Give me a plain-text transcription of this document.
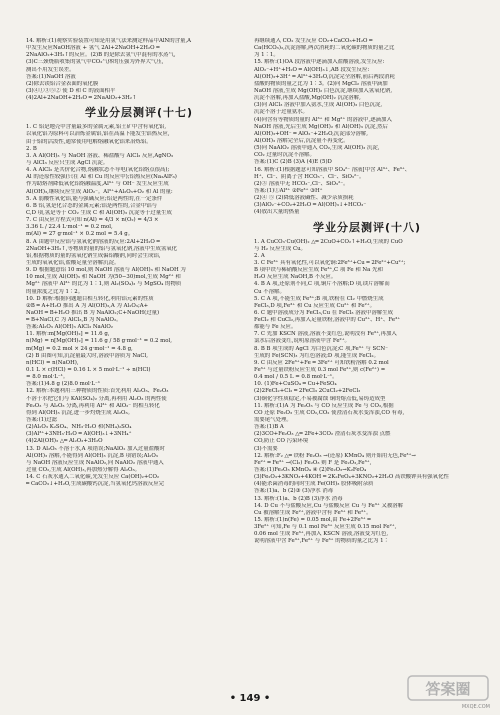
14. 解析:(1)观察实验装置可知是用氢气法来测定样品中AlN的含量,A
中发生反应NaOH溶液 + 氢气 2Al+2NaOH+2H₂O ═
2NaAlO₂+3H₂↑的反应。(2)B 的是除去氢气中混有的水蒸气,
(3)C三颈烧瓶收集的氢气中CO₂气体的压强为外界大气压,
测出不用发生误差。
答案:(1)NaOH 溶液
(2)除去镁铝合金表面的氧化膜
(3)④①③⑤② 使 D 和 C 的液面相平
(4)2Al+2NaOH+2H₂O ═ 2NaAlO₂+3H₂↑
学业分层测评(十七)
1. C 铝是地壳中含量最多的金属元素,铝土矿中含有氧化铝,
以氧化铝为原料可以冶炼金属铝,铝在高温下能发生铝热反应,
由于铝的活泼性,通常使用电解熔融氧化铝来冶炼铝。
2. B
3. A Al(OH)₃ 与 NaOH 溶液、稀盐酸与 AlCl₃ 反应,AgNO₃
与 AlCl₃ 反应只生成 AgCl 沉淀。
4. A AlCl₃ 是共价化合物,熔融状态不导电(氧化铝熔点很高);
Al 的还原性较强(只在 Al 和 Cu 的反应中);铝热反应(Na₃AlF₆)
作为助熔剂降低氧化铝熔融温度,Al³⁺ 与 OH⁻ 发生反应生成
Al(OH)₃,继续反应生成 AlO₂⁻。Al³⁺+Al₂O₃+O₂ 和 Al 的量:
5. A 弱酸性氧化铝,能与强碱反应;铝是两性的,在一定条件
6. B 铝,氢是化合态的金属元素;铝是两性的,合金中铝与
C,D 项,氢是等于 CO₂ 生成 C 和 Al(OH)₃ 沉淀等于过量生成
7. C 由反应方程式可知 n(Al) = 4/3 × n(O₂) = 4/3 ×
3.36 L / 22.4 L·mol⁻¹ = 0.2 mol,
m(Al) = 27 g·mol⁻¹ × 0.2 mol = 5.4 g。
8. A 由题中反应铝与氢氧化钠溶液的反应:2Al+2H₂O ═
2NaOH+3H₂↑,等物质的量的铝与氢氧化钠,溶液中生成氢氧化
铝,根据物质的量的氢氧化钠生成偏铝酸钠,同时会生成铝,
生成的氧氧化铝,盐酸足量全溶解沉淀。
9. D 根据题意铝 10 mol,则 NaOH 溶液与 Al(OH)₃ 和 NaOH 为
10 mol,生成 Al(OH)₃ 和 NaOH 为(50−30)mol,生成 Mg²⁺ 和
Mg²⁺ 溶液中 Al³⁺ 的比为 1∶1,则 Al₂(SO₄)₃ 与 MgSO₄ 的物质
的量浓度之比为 1∶2。
10. D 解析:根据问题题目相互转化,利用铝元素的性质
②B ═ A+H₂O 推出 A 为 Al(OH)₃,A 为 Al₂O₃;A+
NaOH ═ B+H₂O 推出 B 为 NaAlO₂;C+NaOH(过量)
═ B+NaCl,C 为 AlCl₃,B 为 NaAlO₂。
答案:Al₂O₃ Al(OH)₃ AlCl₃ NaAlO₂
11. 解析:m[Mg(OH)₂] = 11.6 g,
n(Mg) = n[Mg(OH)₂] = 11.6 g / 58 g·mol⁻¹ = 0.2 mol,
m(Mg) = 0.2 mol × 24 g·mol⁻¹ = 4.8 g,
(2) B 由图可知,沉淀量最大时,溶液中溶质为 NaCl,
n(HCl) = n(NaOH),
0.1 L × c(HCl) = 0.16 L × 5 mol·L⁻¹ ÷ n(HCl)
= 8.0 mol·L⁻¹。
答案:(1)4.8 g (2)8.0 mol·L⁻¹
12. 解析:本题利用三种物质的性质:首先利用 Al₂O₃、Fe₂O₃
不溶于水把它们与 KAl(SO₄)₂ 分离,再利用 Al₂O₃ 的两性使
Fe₂O₃ 与 Al₂O₃ 分离,再利用 Al³⁺ 和 AlO₂⁻ 的相互转化
得到 Al(OH)₃ 沉淀,进一步灼烧生成 Al₂O₃。
答案:(1)过滤
(2)Al₂O₃ K₂SO₄、NH₃·H₂O 和(NH₄)₂SO₄
(3)Al³⁺+3NH₃·H₂O ═ Al(OH)₃↓+3NH₄⁺
(4)2Al(OH)₃ △═ Al₂O₃+3H₂O
13. D Al₂O₃ 不溶于水,A 项错误;NaAlO₂ 加入过量盐酸时
Al(OH)₃ 溶解,不能得到 Al(OH)₃ 沉淀,B 项错误;Al₂O₃
与 NaOH 溶液反应生成 NaAlO₂,向 NaAlO₂ 溶液中通入
过量 CO₂,生成 Al(OH)₃,再加热分解得 Al₂O₃。
14. C 石灰水通入二氧化碳,先发生反应 Ca(OH)₂+CO₂
═ CaCO₃↓+H₂O,生成碳酸钙沉淀,当氢氧化钙溶液反应完
再继续通入 CO₂ 发生反应 CO₂+CaCO₃+H₂O ═
Ca(HCO₃)₂,沉淀溶解,两次消耗的二氧化碳的物质的量之比
为 1∶1。
15. 解析:(1)OA 段溶液中逐滴加入盐酸溶液,发生反应:
AlO₂⁻+H⁺+H₂O ═ Al(OH)₃↓,AB 段发生反应:
Al(OH)₃+3H⁺ ═ Al³⁺+3H₂O,沉淀完全溶解,前后两段消耗
盐酸的物质的量之比为 1∶3。(2)向 MgCl₂ 溶液中滴加
NaOH 溶液,生成 Mg(OH)₂ 白色沉淀,继续加入氢氧化钠,
沉淀不溶解,再加入盐酸,Mg(OH)₂ 沉淀溶解,
(3)向 AlCl₃ 溶液中加入氨水,生成 Al(OH)₃ 白色沉淀,
沉淀不溶于过量氨水。
(4)向含有等物质的量的 Al³⁺ 和 Mg²⁺ 的溶液中,逐滴加入
NaOH 溶液,先后生成 Mg(OH)₂ 和 Al(OH)₃ 沉淀,然后
Al(OH)₃+OH⁻ ═ AlO₂⁻+2H₂O,沉淀部分溶解,
Al(OH)₃ 溶解完全后,沉淀量不再变化。
(5)向 NaAlO₂ 溶液中通入 CO₂,生成 Al(OH)₃ 沉淀,
CO₂ 过量时沉淀不溶解。
答案:(1)C (2)B (3)A (4)E (5)D
16. 解析:(1)根据题意可知溶液中 SO₄²⁻ 溶液[中含 Al³⁺、Fe³⁺、
H⁺、Cl⁻、阴离子含 HCO₃⁻、Cl⁻、SiO₃²⁻。
(2)③ 溶液中无 HCO₃⁻,Cl⁻、SiO₃²⁻。
答案:(1)①Al³⁺ ②Fe³⁺ ③H⁺
(2)④ ⑤ (2)降低溶液碱性、减少杂质损耗
(3)AlO₂⁻+CO₂+2H₂O ═ Al(OH)₃↓+HCO₃⁻
(4)放出大量的热量
学业分层测评(十八)
1. A CuCO₃·Cu(OH)₂ △═ 2CuO+CO₂↑+H₂O,生成的 CuO
与 H₂ 反应生成 Cu。
2. A
3. C Fe³⁺ 具有氧化性,可以氧化铜:2Fe³⁺+Cu ═ 2Fe²⁺+Cu²⁺;
B 项中铁与稀硝酸反应生成 Fe³⁺,C 项 Fe 和 Na 先和
H₂O 反应生成 NaOH,B 不反应。
4. B A 项,还原剂不同,C 项,铜片不溶解;D 项,镁片溶解而
Cu 不溶解。
5. C A 项,不能生成 Fe³⁺;B 项,铁粉在 Cl₂ 中燃烧生成
FeCl₃,D 项,Fe³⁺ 和 Cu 反应生成 Cu²⁺ 和 Fe²⁺。
6. C 题中溶液成分为 FeCl₃,Cu 在 FeCl₃ 溶液中溶解生成
FeCl₂ 和 CuCl₂,再加入足量铁粉,溶液中的 Cu²⁺、H⁺、Fe³⁺
都能与 Fe 反应。
7. C 先加 KSCN 溶液,溶液不变红色,说明没有 Fe³⁺,再加入
氯水后溶液变红,说明原溶液中含 Fe²⁺。
8. B B 项生成的 AgCl 为白色沉淀;C 项,Fe³⁺ 与 SCN⁻
生成的 Fe(SCN)₃ 为红色溶液;D 项,能生成 FeCl₂。
9. C 由反应 2Fe³⁺+Fe ═ 3Fe²⁺ 可知铁粉溶解 0.2 mol
Fe³⁺ 与过量铁粉反应生成 0.3 mol Fe²⁺,则 c(Fe²⁺) =
0.4 mol / 0.5 L = 0.8 mol·L⁻¹。
10. (1)Fe+CuSO₄ ═ Cu+FeSO₄
(2)2FeCl₂+Cl₂ ═ 2FeCl₃ 2CuCl₂+2FeCl₃
(3)铜化学性质稳定,不易被腐蚀 铜的熔点低,易铸造成型
11. 解析:(1)A 为 Fe₂O₃ 与 CO 反应生成 Fe 与 CO₂,根据
CO 还原 Fe₂O₃ 生成 CO₂,CO₂ 使澄清石灰水变浑浊,CO 有毒,
需要尾气处理。
答案:(1)B A
(2)3CO+Fe₂O₃ △═ 2Fe+3CO₂ 澄清石灰水变浑浊 点燃
CO,防止 CO 污染环境
(3)不需要
12. 解析:F₂ △═ 铁粉 Fe₂O₃ →(还原) KMnO₄ 则开始用无色,Fe³⁺→
Fe²⁺ ═ Fe³⁺ →(Cl₂) Fe₂O₃ 则 F 是 Fe₂O₃,Fe³⁺,
答案:(1)Fe₂O₃ KMnO₄ ④ (2)Fe₂O₃→K₂FeO₄
(3)Fe₂O₃+3KNO₃+4KOH ═ 2K₂FeO₄+3KNO₂+2H₂O 高铁酸钾具有强氧化性
(4)能杀菌消毒的同时生成 Fe(OH)₃ 胶体吸附杂质
答案:(1)a、b (2)③ (3)净水 消毒
13. 解析:(1)a、b (2)B (3)净水 消毒
14. D Cu 不与盐酸反应,Cu 与盐酸反应 Cu 与 Fe³⁺ 又被溶解
Cu 被溶解生成 Fe²⁺,溶液中含有 Fe³⁺ 和 Fe²⁺。
15. 解析:(1)n(Fe) = 0.05 mol,由 Fe+2Fe³⁺ ═
3Fe²⁺ 可知,Fe 与 0.1 mol Fe³⁺ 反应生成 0.15 mol Fe²⁺,
0.06 mol 生成 Fe³⁺,再加入 KSCN 溶液,溶液变为红色,
说明溶液中含 Fe³⁺,Fe²⁺ 与 Fe³⁺ 的物质的量之比为 1∶
• 149 •
答案圈
MXQE.COM
